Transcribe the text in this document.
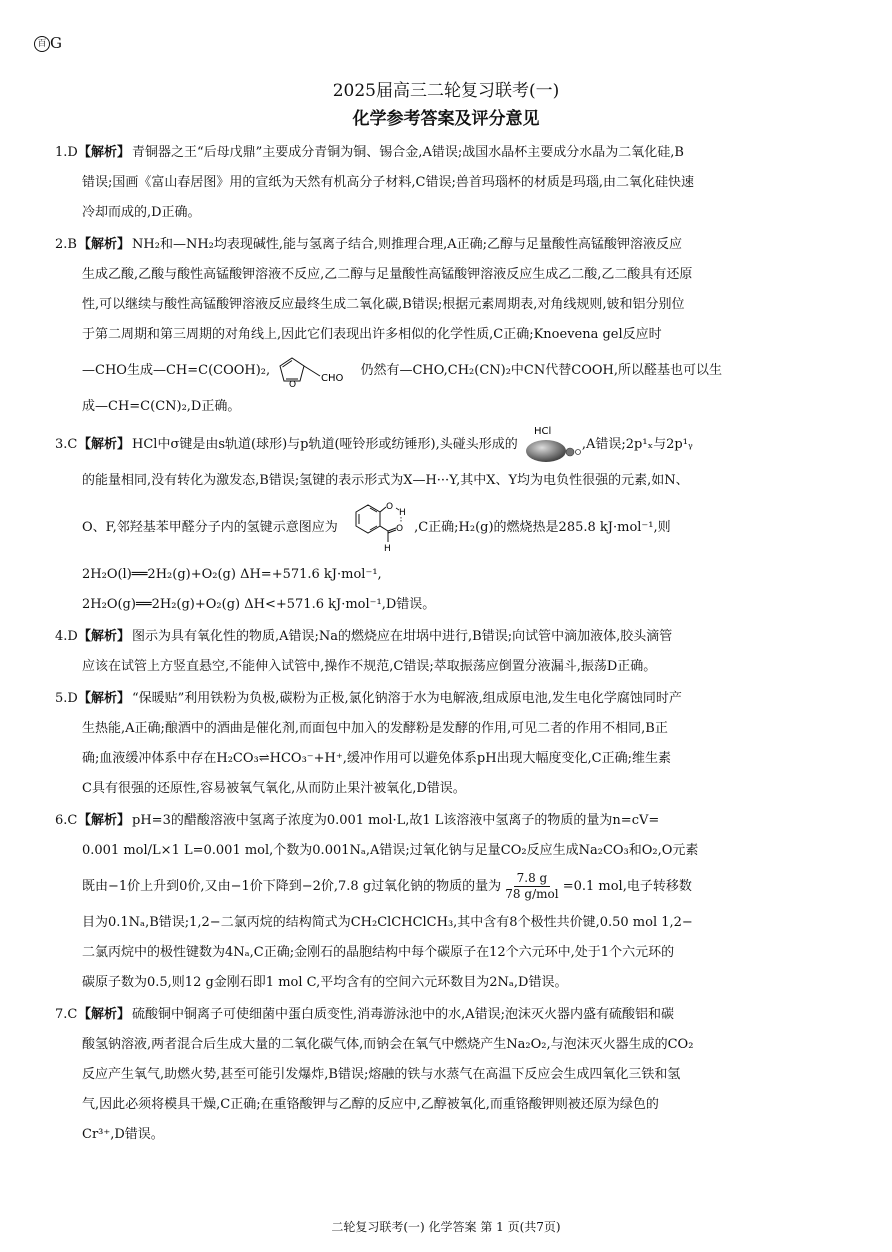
百 G
2025届高三二轮复习联考(一)
化学参考答案及评分意见
1.D【解析】 青铜器之王“后母戊鼎”主要成分青铜为铜、锡合金,A错误;战国水晶杯主要成分水晶为二氧化硅,B
错误;国画《富山春居图》用的宣纸为天然有机高分子材料,C错误;兽首玛瑙杯的材质是玛瑙,由二氧化硅快速
冷却而成的,D正确。
2.B【解析】 NH₂和—NH₂均表现碱性,能与氢离子结合,则推理合理,A正确;乙醇与足量酸性高锰酸钾溶液反应
生成乙酸,乙酸与酸性高锰酸钾溶液不反应,乙二醇与足量酸性高锰酸钾溶液反应生成乙二酸,乙二酸具有还原
性,可以继续与酸性高锰酸钾溶液反应最终生成二氧化碳,B错误;根据元素周期表,对角线规则,铍和铝分别位
于第二周期和第三周期的对角线上,因此它们表现出许多相似的化学性质,C正确;Knoevena gel反应时
—CHO生成—CH=C(COOH)₂,
O
CHO 仍然有—CHO,CH₂(CN)₂中CN代替COOH,所以醛基也可以生
成—CH=C(CN)₂,D正确。
3.C【解析】 HCl中σ键是由s轨道(球形)与p轨道(哑铃形或纺锤形),头碰头形成的
HCl
,A错误;2p¹ₓ与2p¹ᵧ
的能量相同,没有转化为激发态,B错误;氢键的表示形式为X—H···Y,其中X、Y均为电负性很强的元素,如N、
O、F,邻羟基苯甲醛分子内的氢键示意图应为
O
H
O
H
,C正确;H₂(g)的燃烧热是285.8 kJ·mol⁻¹,则
2H₂O(l)══2H₂(g)+O₂(g) ΔH=+571.6 kJ·mol⁻¹,
2H₂O(g)══2H₂(g)+O₂(g) ΔH<+571.6 kJ·mol⁻¹,D错误。
4.D【解析】 图示为具有氧化性的物质,A错误;Na的燃烧应在坩埚中进行,B错误;向试管中滴加液体,胶头滴管
应该在试管上方竖直悬空,不能伸入试管中,操作不规范,C错误;萃取振荡应倒置分液漏斗,振荡D正确。
5.D【解析】 “保暖贴”利用铁粉为负极,碳粉为正极,氯化钠溶于水为电解液,组成原电池,发生电化学腐蚀同时产
生热能,A正确;酿酒中的酒曲是催化剂,而面包中加入的发酵粉是发酵的作用,可见二者的作用不相同,B正
确;血液缓冲体系中存在H₂CO₃⇌HCO₃⁻+H⁺,缓冲作用可以避免体系pH出现大幅度变化,C正确;维生素
C具有很强的还原性,容易被氧气氧化,从而防止果汁被氧化,D错误。
6.C【解析】 pH=3的醋酸溶液中氢离子浓度为0.001 mol·L,故1 L该溶液中氢离子的物质的量为n=cV=
0.001 mol/L×1 L=0.001 mol,个数为0.001Nₐ,A错误;过氧化钠与足量CO₂反应生成Na₂CO₃和O₂,O元素
既由−1价上升到0价,又由−1价下降到−2价,7.8 g过氧化钠的物质的量为
7.8 g
78 g/mol =0.1 mol,电子转移数
目为0.1Nₐ,B错误;1,2−二氯丙烷的结构简式为CH₂ClCHClCH₃,其中含有8个极性共价键,0.50 mol 1,2−
二氯丙烷中的极性键数为4Nₐ,C正确;金刚石的晶胞结构中每个碳原子在12个六元环中,处于1个六元环的
碳原子数为0.5,则12 g金刚石即1 mol C,平均含有的空间六元环数目为2Nₐ,D错误。
7.C【解析】 硫酸铜中铜离子可使细菌中蛋白质变性,消毒游泳池中的水,A错误;泡沫灭火器内盛有硫酸铝和碳
酸氢钠溶液,两者混合后生成大量的二氧化碳气体,而钠会在氧气中燃烧产生Na₂O₂,与泡沫灭火器生成的CO₂
反应产生氧气,助燃火势,甚至可能引发爆炸,B错误;熔融的铁与水蒸气在高温下反应会生成四氧化三铁和氢
气,因此必须将模具干燥,C正确;在重铬酸钾与乙醇的反应中,乙醇被氧化,而重铬酸钾则被还原为绿色的
Cr³⁺,D错误。
二轮复习联考(一) 化学答案 第 1 页(共7页)
